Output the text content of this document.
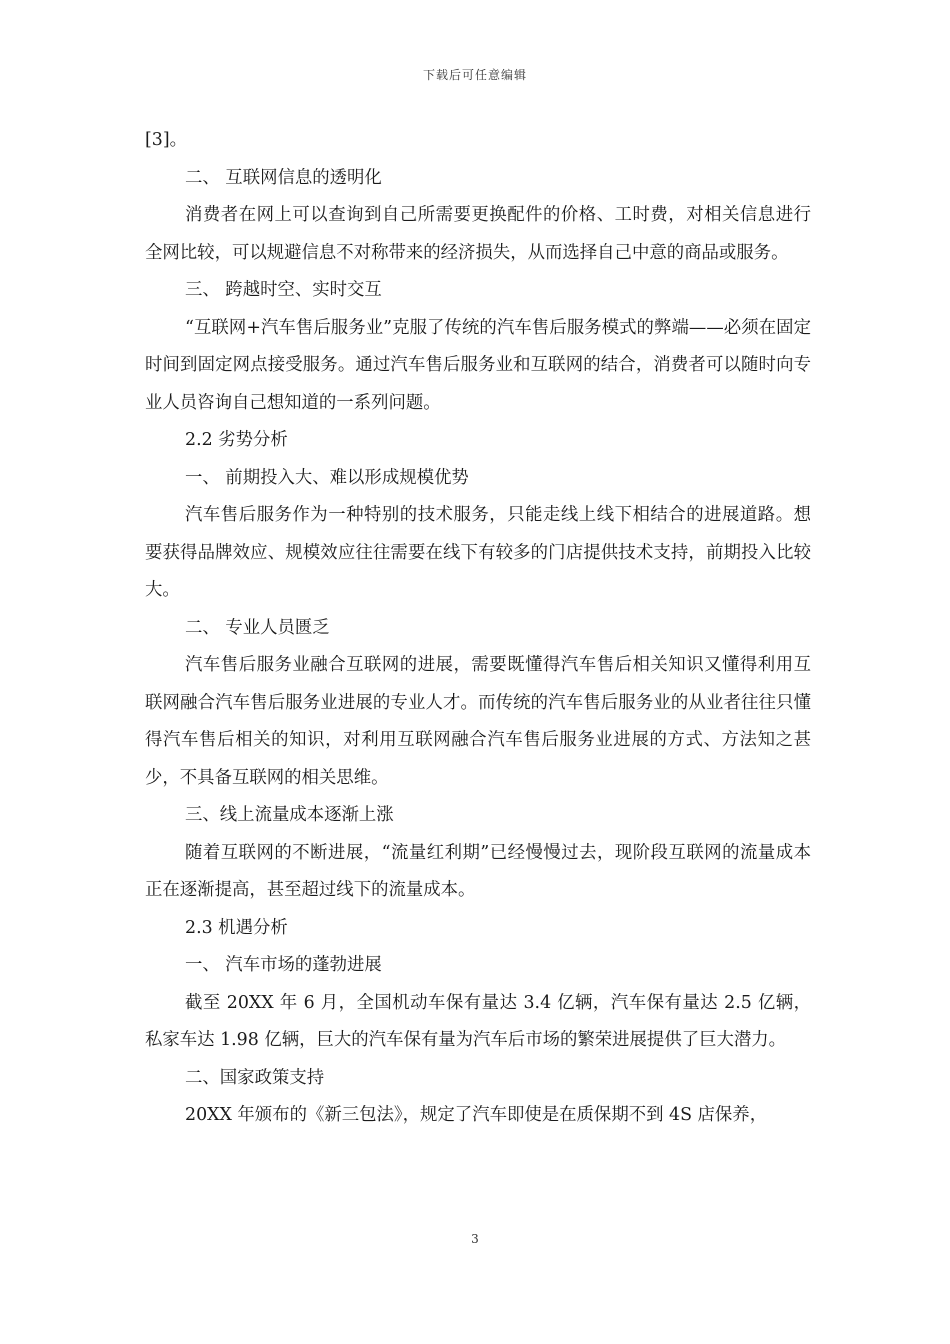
下载后可任意编辑

[3]。

二、 互联网信息的透明化

消费者在网上可以查询到自己所需要更换配件的价格、工时费，对相关信息进行全网比较，可以规避信息不对称带来的经济损失，从而选择自己中意的商品或服务。

三、 跨越时空、实时交互

“互联网+汽车售后服务业”克服了传统的汽车售后服务模式的弊端——必须在固定时间到固定网点接受服务。通过汽车售后服务业和互联网的结合，消费者可以随时向专业人员咨询自己想知道的一系列问题。

2.2 劣势分析

一、 前期投入大、难以形成规模优势

汽车售后服务作为一种特别的技术服务，只能走线上线下相结合的进展道路。想要获得品牌效应、规模效应往往需要在线下有较多的门店提供技术支持，前期投入比较大。

二、 专业人员匮乏

汽车售后服务业融合互联网的进展，需要既懂得汽车售后相关知识又懂得利用互联网融合汽车售后服务业进展的专业人才。而传统的汽车售后服务业的从业者往往只懂得汽车售后相关的知识，对利用互联网融合汽车售后服务业进展的方式、方法知之甚少，不具备互联网的相关思维。

三、线上流量成本逐渐上涨

随着互联网的不断进展，“流量红利期”已经慢慢过去，现阶段互联网的流量成本正在逐渐提高，甚至超过线下的流量成本。

2.3 机遇分析

一、 汽车市场的蓬勃进展

截至 20XX 年 6 月，全国机动车保有量达 3.4 亿辆，汽车保有量达 2.5 亿辆，私家车达 1.98 亿辆，巨大的汽车保有量为汽车后市场的繁荣进展提供了巨大潜力。

二、国家政策支持

20XX 年颁布的《新三包法》，规定了汽车即使是在质保期不到 4S 店保养，

3
